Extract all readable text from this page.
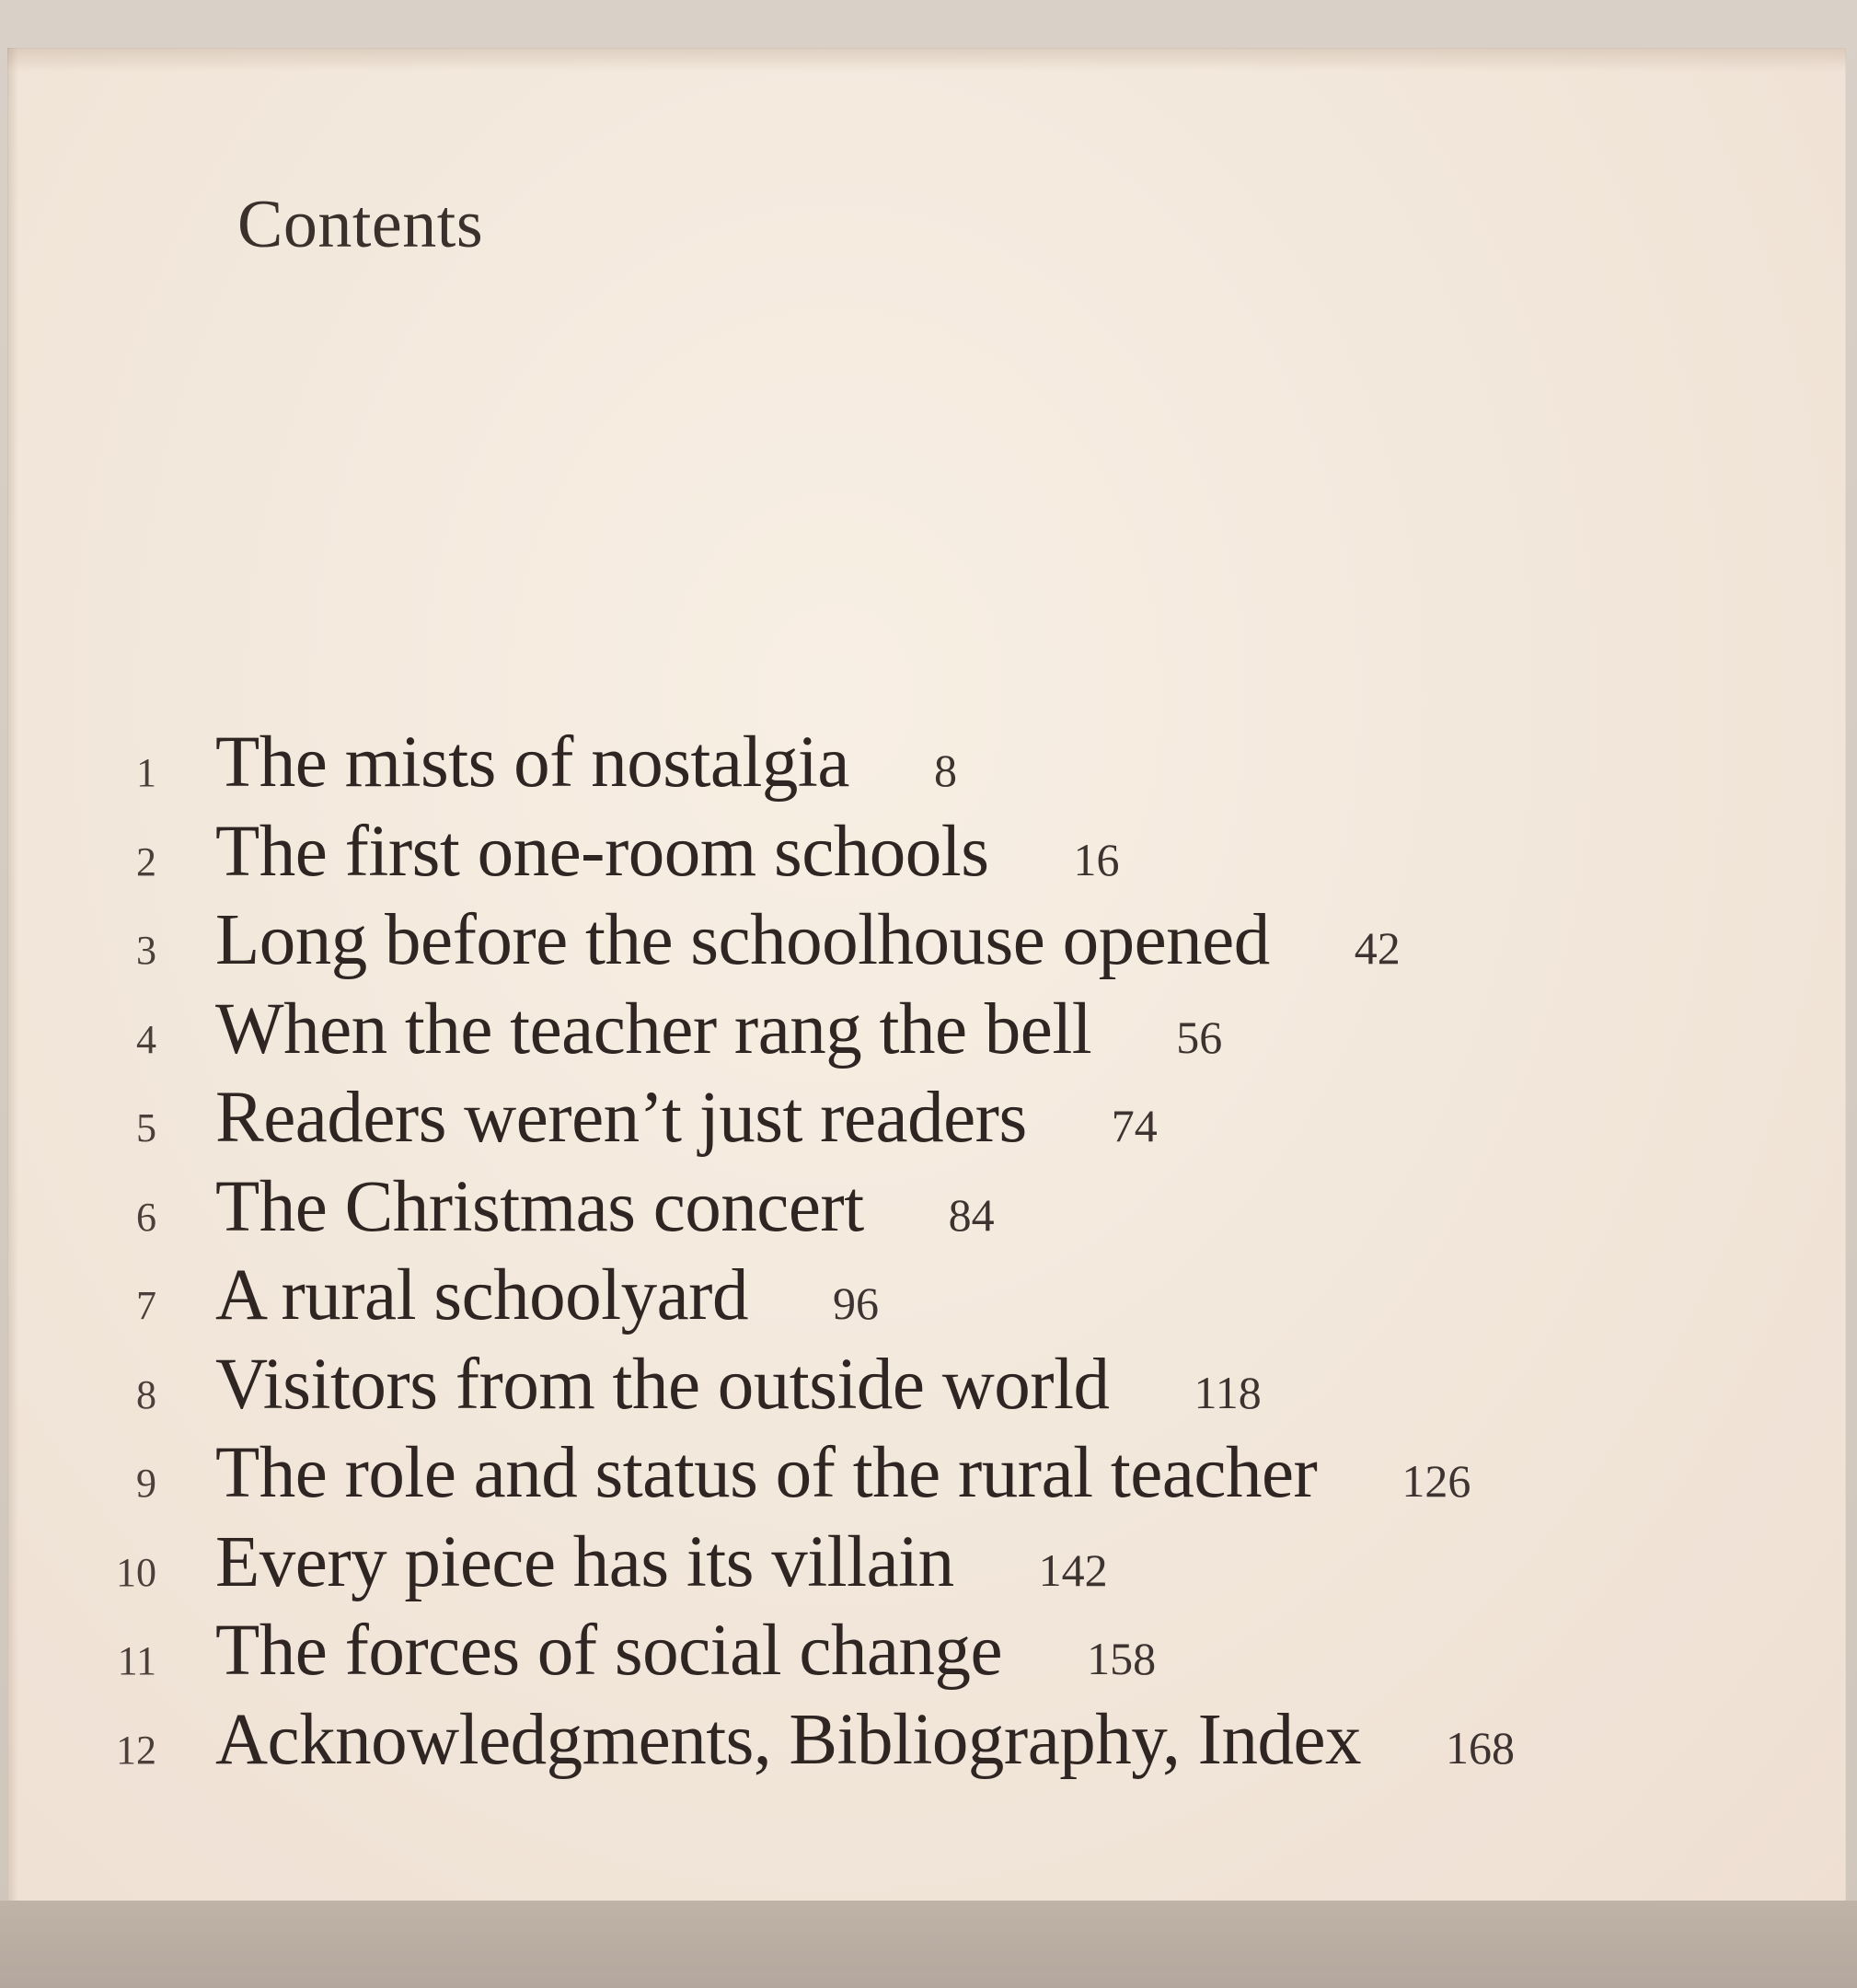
Contents
1 The mists of nostalgia 8
2 The first one-room schools 16
3 Long before the schoolhouse opened 42
4 When the teacher rang the bell 56
5 Readers weren’t just readers 74
6 The Christmas concert 84
7 A rural schoolyard 96
8 Visitors from the outside world 118
9 The role and status of the rural teacher 126
10 Every piece has its villain 142
11 The forces of social change 158
12 Acknowledgments, Bibliography, Index 168
